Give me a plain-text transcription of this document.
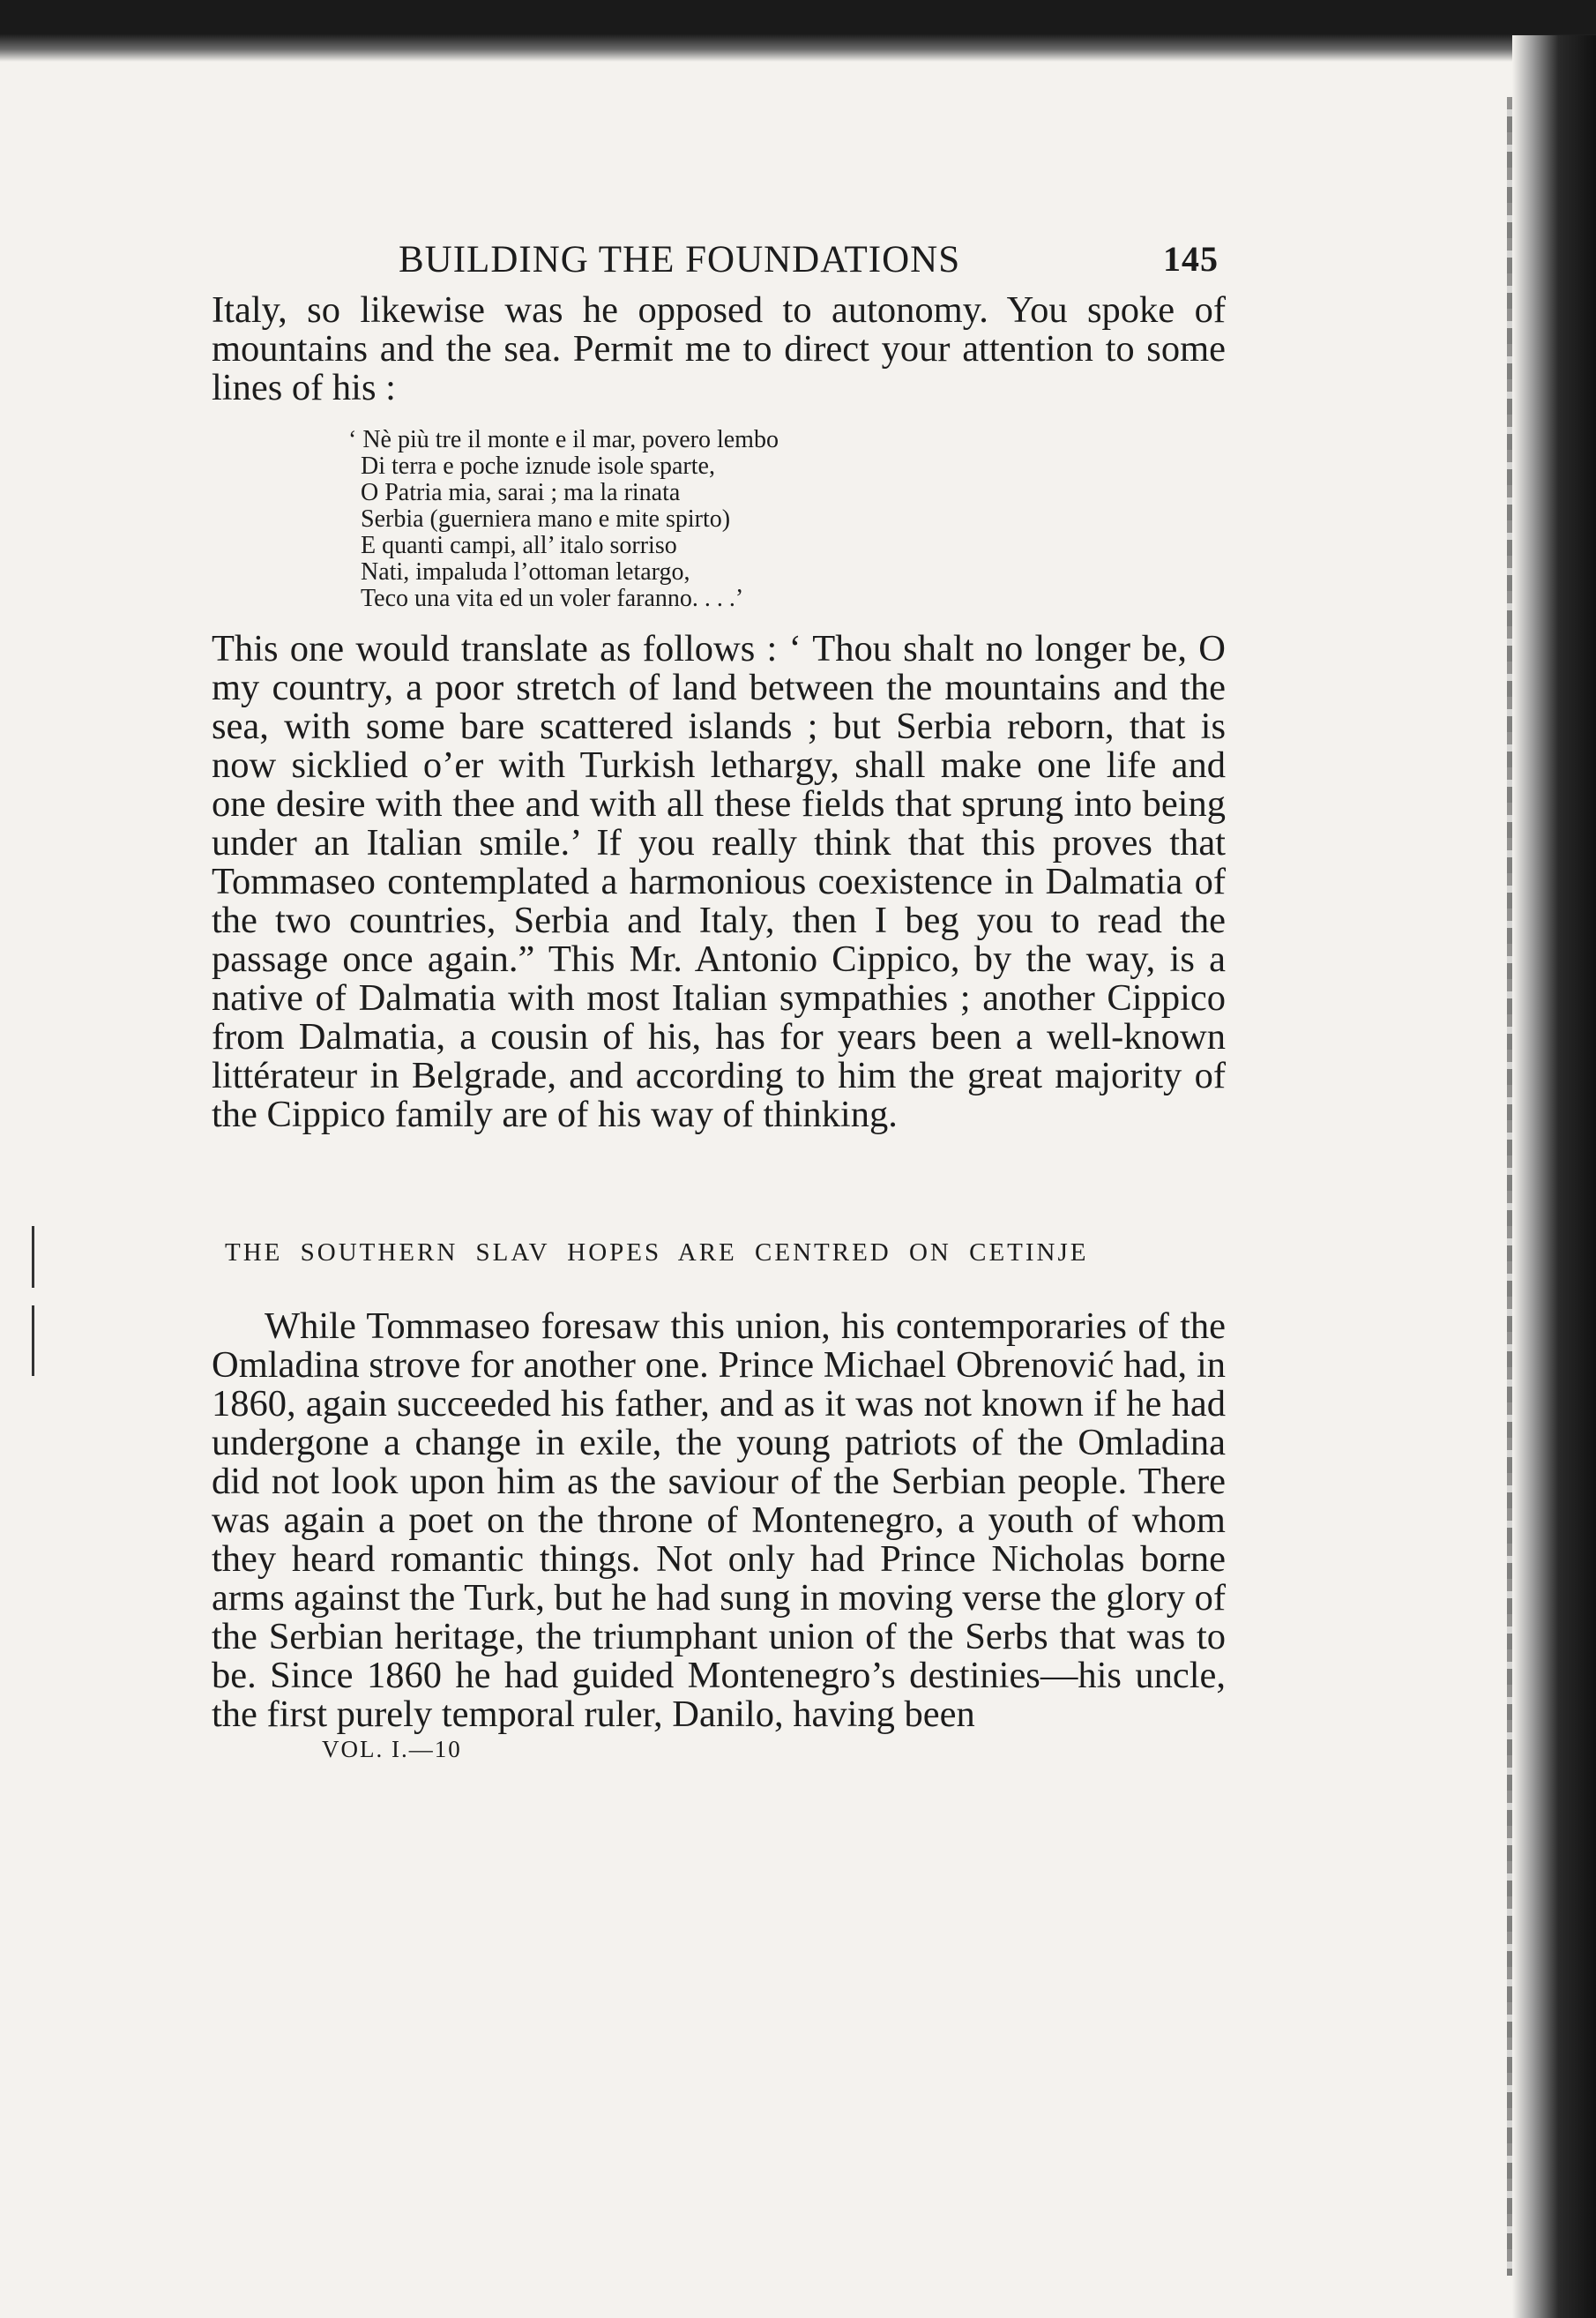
BUILDING THE FOUNDATIONS	145

Italy, so likewise was he opposed to autonomy. You spoke of mountains and the sea. Permit me to direct your attention to some lines of his :

‘ Nè più tre il monte e il mar, povero lembo
Di terra e poche iznude isole sparte,
O Patria mia, sarai ; ma la rinata
Serbia (guerniera mano e mite spirto)
E quanti campi, all’ italo sorriso
Nati, impaluda l’ottoman letargo,
Teco una vita ed un voler faranno. . . .’

This one would translate as follows : ‘ Thou shalt no longer be, O my country, a poor stretch of land between the mountains and the sea, with some bare scattered islands ; but Serbia reborn, that is now sicklied o’er with Turkish lethargy, shall make one life and one desire with thee and with all these fields that sprung into being under an Italian smile.’ If you really think that this proves that Tommaseo contemplated a harmonious coexistence in Dalmatia of the two countries, Serbia and Italy, then I beg you to read the passage once again.” This Mr. Antonio Cippico, by the way, is a native of Dalmatia with most Italian sympathies ; another Cippico from Dalmatia, a cousin of his, has for years been a well-known littérateur in Belgrade, and according to him the great majority of the Cippico family are of his way of thinking.

THE SOUTHERN SLAV HOPES ARE CENTRED ON CETINJE

While Tommaseo foresaw this union, his contemporaries of the Omladina strove for another one. Prince Michael Obrenović had, in 1860, again succeeded his father, and as it was not known if he had undergone a change in exile, the young patriots of the Omladina did not look upon him as the saviour of the Serbian people. There was again a poet on the throne of Montenegro, a youth of whom they heard romantic things. Not only had Prince Nicholas borne arms against the Turk, but he had sung in moving verse the glory of the Serbian heritage, the triumphant union of the Serbs that was to be. Since 1860 he had guided Montenegro’s destinies—his uncle, the first purely temporal ruler, Danilo, having been

VOL. I.—10
